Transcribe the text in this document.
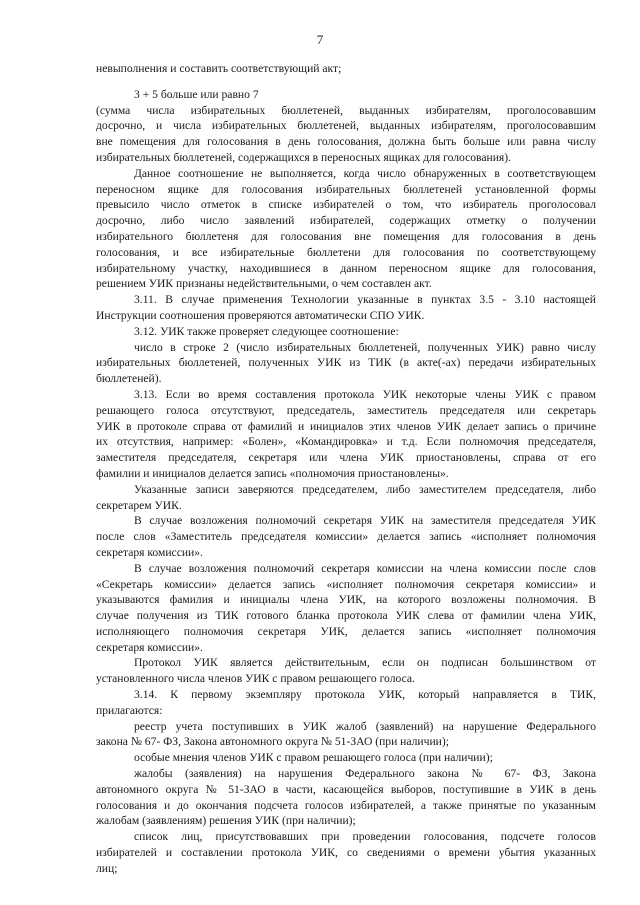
7
невыполнения и составить соответствующий акт;
3 + 5 больше или равно 7
(сумма числа избирательных бюллетеней, выданных избирателям, проголосовавшим
досрочно, и числа избирательных бюллетеней, выданных избирателям, проголосовавшим
вне помещения для голосования в день голосования, должна быть больше или равна числу
избирательных бюллетеней, содержащихся в переносных ящиках для голосования).
Данное соотношение не выполняется, когда число обнаруженных в соответствующем
переносном ящике для голосования избирательных бюллетеней установленной формы
превысило число отметок в списке избирателей о том, что избиратель проголосовал
досрочно, либо число заявлений избирателей, содержащих отметку о получении
избирательного бюллетеня для голосования вне помещения для голосования в день
голосования, и все избирательные бюллетени для голосования по соответствующему
избирательному участку, находившиеся в данном переносном ящике для голосования,
решением УИК признаны недействительными, о чем составлен акт.
3.11. В случае применения Технологии указанные в пунктах 3.5 - 3.10 настоящей
Инструкции соотношения проверяются автоматически СПО УИК.
3.12. УИК также проверяет следующее соотношение:
число в строке 2 (число избирательных бюллетеней, полученных УИК) равно числу
избирательных бюллетеней, полученных УИК из ТИК (в акте(-ах) передачи избирательных
бюллетеней).
3.13. Если во время составления протокола УИК некоторые члены УИК с правом
решающего голоса отсутствуют, председатель, заместитель председателя или секретарь
УИК в протоколе справа от фамилий и инициалов этих членов УИК делает запись о причине
их отсутствия, например: «Болен», «Командировка» и т.д. Если полномочия председателя,
заместителя председателя, секретаря или члена УИК приостановлены, справа от его
фамилии и инициалов делается запись «полномочия приостановлены».
Указанные записи заверяются председателем, либо заместителем председателя, либо
секретарем УИК.
В случае возложения полномочий секретаря УИК на заместителя председателя УИК
после слов «Заместитель председателя комиссии» делается запись «исполняет полномочия
секретаря комиссии».
В случае возложения полномочий секретаря комиссии на члена комиссии после слов
«Секретарь комиссии» делается запись «исполняет полномочия секретаря комиссии» и
указываются фамилия и инициалы члена УИК, на которого возложены полномочия. В
случае получения из ТИК готового бланка протокола УИК слева от фамилии члена УИК,
исполняющего полномочия секретаря УИК, делается запись «исполняет полномочия
секретаря комиссии».
Протокол УИК является действительным, если он подписан большинством от
установленного числа членов УИК с правом решающего голоса.
3.14. К первому экземпляру протокола УИК, который направляется в ТИК,
прилагаются:
реестр учета поступивших в УИК жалоб (заявлений) на нарушение Федерального
закона № 67- ФЗ, Закона автономного округа № 51-ЗАО (при наличии);
особые мнения членов УИК с правом решающего голоса (при наличии);
жалобы (заявления) на нарушения Федерального закона № 67- ФЗ, Закона
автономного округа № 51-ЗАО в части, касающейся выборов, поступившие в УИК в день
голосования и до окончания подсчета голосов избирателей, а также принятые по указанным
жалобам (заявлениям) решения УИК (при наличии);
список лиц, присутствовавших при проведении голосования, подсчете голосов
избирателей и составлении протокола УИК, со сведениями о времени убытия указанных
лиц;
